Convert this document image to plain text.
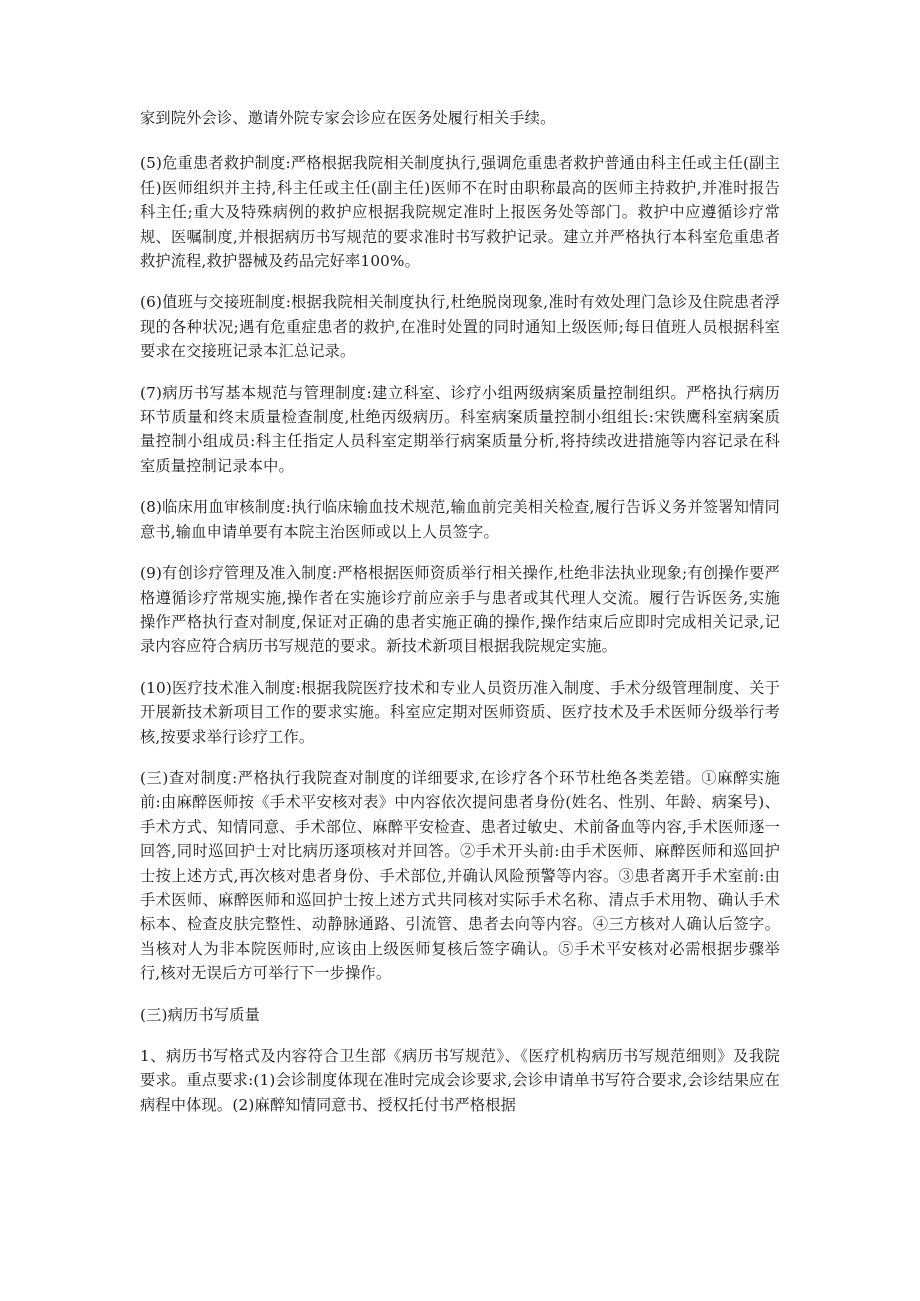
家到院外会诊、邀请外院专家会诊应在医务处履行相关手续。

(5)危重患者救护制度:严格根据我院相关制度执行,强调危重患者救护普通由科主任或主任(副主任)医师组织并主持,科主任或主任(副主任)医师不在时由职称最高的医师主持救护,并准时报告科主任;重大及特殊病例的救护应根据我院规定准时上报医务处等部门。救护中应遵循诊疗常规、医嘱制度,并根据病历书写规范的要求准时书写救护记录。建立并严格执行本科室危重患者救护流程,救护器械及药品完好率100%。

(6)值班与交接班制度:根据我院相关制度执行,杜绝脱岗现象,准时有效处理门急诊及住院患者浮现的各种状况;遇有危重症患者的救护,在准时处置的同时通知上级医师;每日值班人员根据科室要求在交接班记录本汇总记录。

(7)病历书写基本规范与管理制度:建立科室、诊疗小组两级病案质量控制组织。严格执行病历环节质量和终末质量检查制度,杜绝丙级病历。科室病案质量控制小组组长:宋铁鹰科室病案质量控制小组成员:科主任指定人员科室定期举行病案质量分析,将持续改进措施等内容记录在科室质量控制记录本中。

(8)临床用血审核制度:执行临床输血技术规范,输血前完美相关检查,履行告诉义务并签署知情同意书,输血申请单要有本院主治医师或以上人员签字。

(9)有创诊疗管理及准入制度:严格根据医师资质举行相关操作,杜绝非法执业现象;有创操作要严格遵循诊疗常规实施,操作者在实施诊疗前应亲手与患者或其代理人交流。履行告诉医务,实施操作严格执行查对制度,保证对正确的患者实施正确的操作,操作结束后应即时完成相关记录,记录内容应符合病历书写规范的要求。新技术新项目根据我院规定实施。

(10)医疗技术准入制度:根据我院医疗技术和专业人员资历准入制度、手术分级管理制度、关于开展新技术新项目工作的要求实施。科室应定期对医师资质、医疗技术及手术医师分级举行考核,按要求举行诊疗工作。

(三)查对制度:严格执行我院查对制度的详细要求,在诊疗各个环节杜绝各类差错。①麻醉实施前:由麻醉医师按《手术平安核对表》中内容依次提问患者身份(姓名、性别、年龄、病案号)、手术方式、知情同意、手术部位、麻醉平安检查、患者过敏史、术前备血等内容,手术医师逐一回答,同时巡回护士对比病历逐项核对并回答。②手术开头前:由手术医师、麻醉医师和巡回护士按上述方式,再次核对患者身份、手术部位,并确认风险预警等内容。③患者离开手术室前:由手术医师、麻醉医师和巡回护士按上述方式共同核对实际手术名称、清点手术用物、确认手术标本、检查皮肤完整性、动静脉通路、引流管、患者去向等内容。④三方核对人确认后签字。当核对人为非本院医师时,应该由上级医师复核后签字确认。⑤手术平安核对必需根据步骤举行,核对无误后方可举行下一步操作。

(三)病历书写质量

1、病历书写格式及内容符合卫生部《病历书写规范》、《医疗机构病历书写规范细则》及我院要求。重点要求:(1)会诊制度体现在准时完成会诊要求,会诊申请单书写符合要求,会诊结果应在病程中体现。(2)麻醉知情同意书、授权托付书严格根据
